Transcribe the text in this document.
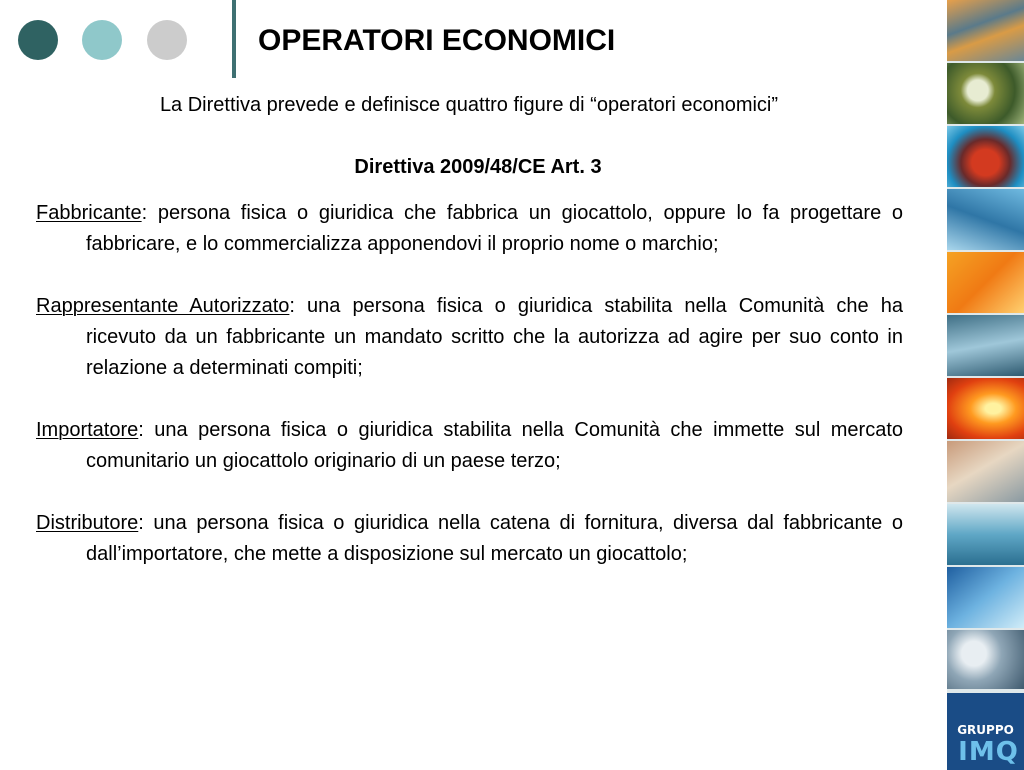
OPERATORI ECONOMICI
La Direttiva prevede e definisce quattro figure di “operatori economici”
Direttiva 2009/48/CE Art. 3

Fabbricante: persona fisica o giuridica che fabbrica un giocattolo, oppure lo fa progettare o fabbricare, e lo commercializza apponendovi il proprio nome o marchio;

Rappresentante Autorizzato: una persona fisica o giuridica stabilita nella Comunità che ha ricevuto da un fabbricante un mandato scritto che la autorizza ad agire per suo conto in relazione a determinati compiti;

Importatore: una persona fisica o giuridica stabilita nella Comunità che immette sul mercato comunitario un giocattolo originario di un paese terzo;

Distributore: una persona fisica o giuridica nella catena di fornitura, diversa dal fabbricante o dall’importatore, che mette a disposizione sul mercato un giocattolo;

GRUPPO
IMQ
